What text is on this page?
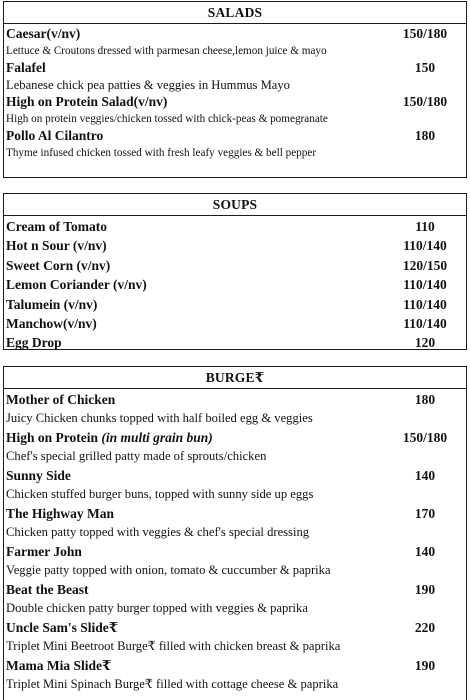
SALADS
Caesar(v/nv)	150/180
Lettuce & Croutons dressed with parmesan cheese,lemon juice & mayo
Falafel	150
Lebanese chick pea patties & veggies in Hummus Mayo
High on Protein Salad(v/nv)	150/180
High on protein veggies/chicken tossed with chick-peas & pomegranate
Pollo Al Cilantro	180
Thyme infused chicken tossed with fresh leafy veggies & bell pepper
SOUPS
Cream of Tomato	110
Hot n Sour (v/nv)	110/140
Sweet Corn (v/nv)	120/150
Lemon Coriander (v/nv)	110/140
Talumein (v/nv)	110/140
Manchow(v/nv)	110/140
Egg Drop	120
BURGE₹
Mother of Chicken	180
Juicy Chicken chunks topped with half boiled egg & veggies
High on Protein (in multi grain bun)	150/180
Chef's special grilled patty made of sprouts/chicken
Sunny Side	140
Chicken stuffed burger buns, topped with sunny side up eggs
The Highway Man	170
Chicken patty topped with veggies & chef's special dressing
Farmer John	140
Veggie patty topped with onion, tomato & cuccumber & paprika
Beat the Beast	190
Double chicken patty burger topped with veggies & paprika
Uncle Sam's Slide₹	220
Triplet Mini Beetroot Burge₹ filled with chicken breast & paprika
Mama Mia Slide₹	190
Triplet Mini Spinach Burge₹ filled with cottage cheese & paprika
